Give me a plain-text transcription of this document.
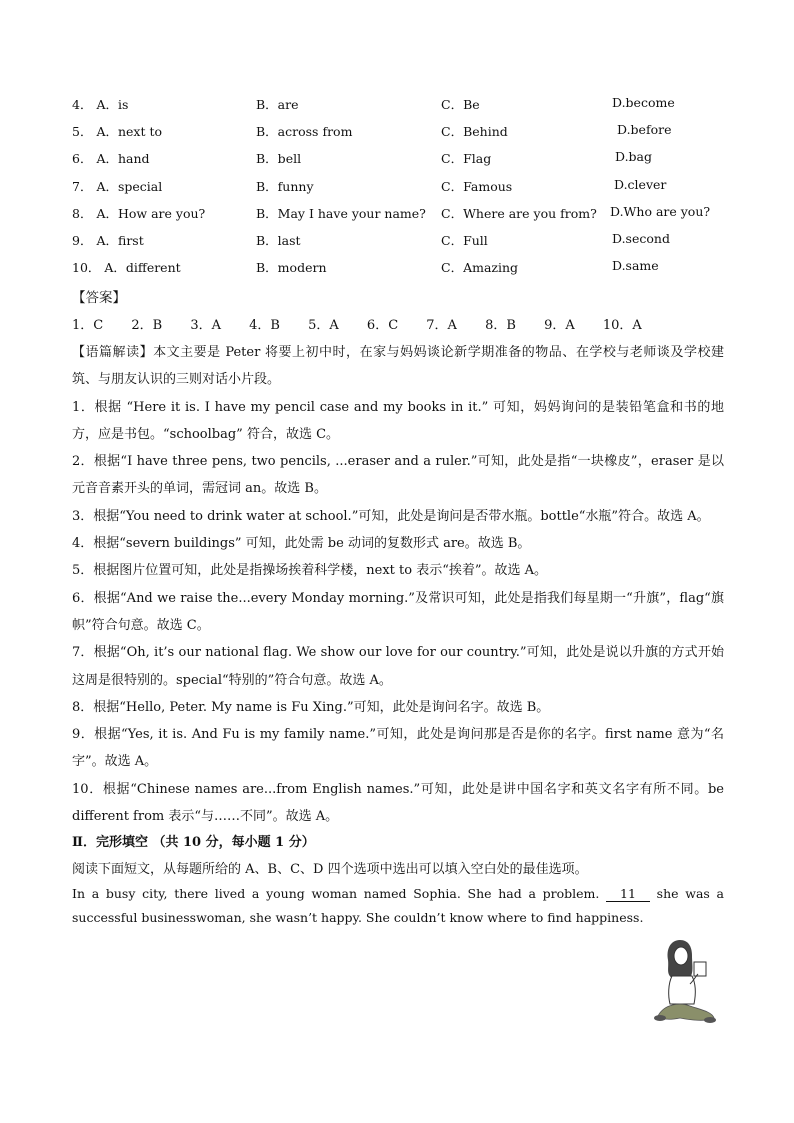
4． A．is	B．are	C．Be	D.become
5． A．next to	B．across from	C．Behind	D.before
6． A．hand	B．bell	C．Flag	D.bag
7． A．special	B．funny	C．Famous	D.clever
8． A．How are you?	B．May I have your name? C．Where are you from? D.Who are you?
9． A．first	B．last	C．Full	D.second
10． A．different	B．modern	C．Amazing	D.same
【答案】
1．C 2．B 3．A 4．B 5．A 6．C 7．A 8．B 9．A 10．A

【语篇解读】本文主要是 Peter 将要上初中时，在家与妈妈谈论新学期准备的物品、在学校与老师谈及学校建筑、与朋友认识的三则对话小片段。

1．根据 “Here it is. I have my pencil case and my books in it.” 可知，妈妈询问的是装铅笔盒和书的地方，应是书包。“schoolbag” 符合，故选 C。

2．根据“I have three pens, two pencils, ...eraser and a ruler.”可知，此处是指“一块橡皮”，eraser 是以元音音素开头的单词，需冠词 an。故选 B。

3．根据“You need to drink water at school.”可知，此处是询问是否带水瓶。bottle“水瓶”符合。故选 A。

4．根据“severn buildings” 可知，此处需 be 动词的复数形式 are。故选 B。

5．根据图片位置可知，此处是指操场挨着科学楼，next to 表示“挨着”。故选 A。

6．根据“And we raise the...every Monday morning.”及常识可知，此处是指我们每星期一“升旗”，flag“旗帜”符合句意。故选 C。

7．根据“Oh, it’s our national flag. We show our love for our country.”可知，此处是说以升旗的方式开始这周是很特别的。special“特别的”符合句意。故选 A。

8．根据“Hello, Peter. My name is Fu Xing.”可知，此处是询问名字。故选 B。

9．根据“Yes, it is. And Fu is my family name.”可知，此处是询问那是否是你的名字。first name 意为“名字”。故选 A。

10．根据“Chinese names are...from English names.”可知，此处是讲中国名字和英文名字有所不同。be different from 表示“与……不同”。故选 A。

Ⅱ．完形填空 （共 10 分，每小题 1 分）
阅读下面短文，从每题所给的 A、B、C、D 四个选项中选出可以填入空白处的最佳选项。
In a busy city, there lived a young woman named Sophia. She had a problem. 11 she was a successful businesswoman, she wasn’t happy. She couldn’t know where to find happiness.
